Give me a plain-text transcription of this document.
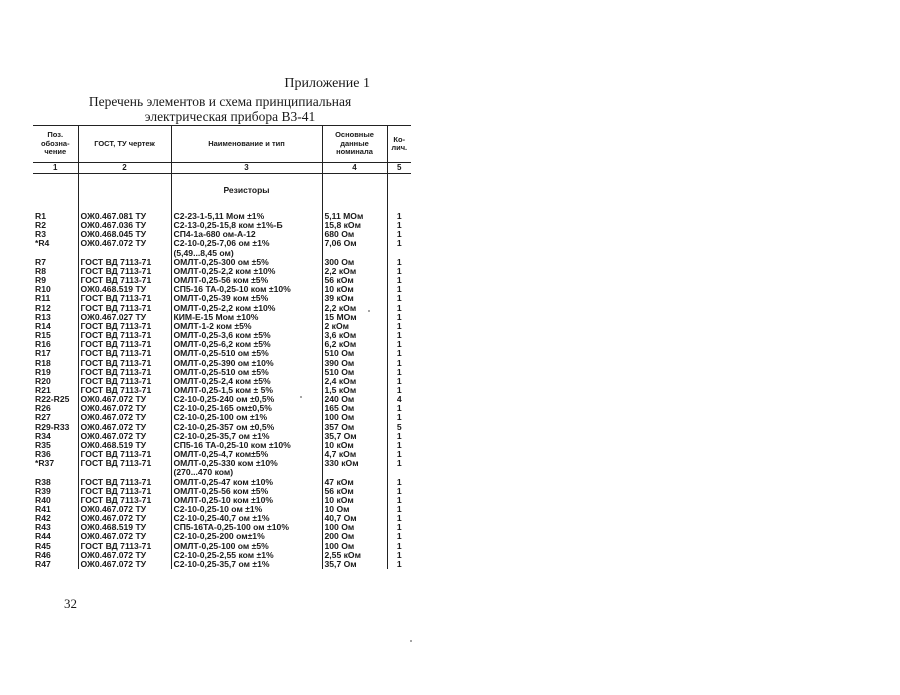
Приложение 1
Перечень элементов и схема принципиальная
электрическая прибора В3-41
Поз. обозна-чение	ГОСТ, ТУ чертеж	Наименование и тип	Основные данные номинала	Ко-лич.
1	2	3	4	5

		Резисторы		

R1	ОЖ0.467.081 ТУ	С2-23-1-5,11 Мом ±1%	5,11 МОм	1
R2	ОЖ0.467.036 ТУ	С2-13-0,25-15,8 ком ±1%-Б	15,8 кОм	1
R3	ОЖ0.468.045 ТУ	СП4-1а-680 ом-А-12	680 Ом	1
*R4	ОЖ0.467.072 ТУ	С2-10-0,25-7,06 ом ±1%	7,06 Ом	1
		(5,49...8,45 ом)		
R7	ГОСТ ВД 7113-71	ОМЛТ-0,25-300 ом ±5%	300 Ом	1
R8	ГОСТ ВД 7113-71	ОМЛТ-0,25-2,2 ком ±10%	2,2 кОм	1
R9	ГОСТ ВД 7113-71	ОМЛТ-0,25-56 ком ±5%	56 кОм	1
R10	ОЖ0.468.519 ТУ	СП5-16 ТА-0,25-10 ком ±10%	10 кОм	1
R11	ГОСТ ВД 7113-71	ОМЛТ-0,25-39 ком ±5%	39 кОм	1
R12	ГОСТ ВД 7113-71	ОМЛТ-0,25-2,2 ком ±10%	2,2 кОм	1
R13	ОЖ0.467.027 ТУ	КИМ-Е-15 Мом ±10%	15 МОм	1
R14	ГОСТ ВД 7113-71	ОМЛТ-1-2 ком ±5%	2 кОм	1
R15	ГОСТ ВД 7113-71	ОМЛТ-0,25-3,6 ком ±5%	3,6 кОм	1
R16	ГОСТ ВД 7113-71	ОМЛТ-0,25-6,2 ком ±5%	6,2 кОм	1
R17	ГОСТ ВД 7113-71	ОМЛТ-0,25-510 ом ±5%	510 Ом	1
R18	ГОСТ ВД 7113-71	ОМЛТ-0,25-390 ом ±10%	390 Ом	1
R19	ГОСТ ВД 7113-71	ОМЛТ-0,25-510 ом ±5%	510 Ом	1
R20	ГОСТ ВД 7113-71	ОМЛТ-0,25-2,4 ком ±5%	2,4 кОм	1
R21	ГОСТ ВД 7113-71	ОМЛТ-0,25-1,5 ком ± 5%	1,5 кОм	1
R22-R25	ОЖ0.467.072 ТУ	С2-10-0,25-240 ом ±0,5%	240 Ом	4
R26	ОЖ0.467.072 ТУ	С2-10-0,25-165 ом±0,5%	165 Ом	1
R27	ОЖ0.467.072 ТУ	С2-10-0,25-100 ом ±1%	100 Ом	1
R29-R33	ОЖ0.467.072 ТУ	С2-10-0,25-357 ом ±0,5%	357 Ом	5
R34	ОЖ0.467.072 ТУ	С2-10-0,25-35,7 ом ±1%	35,7 Ом	1
R35	ОЖ0.468.519 ТУ	СП5-16 ТА-0,25-10 ком ±10%	10 кОм	1
R36	ГОСТ ВД 7113-71	ОМЛТ-0,25-4,7 ком±5%	4,7 кОм	1
*R37	ГОСТ ВД 7113-71	ОМЛТ-0,25-330 ком ±10%	330 кОм	1
		(270...470 ком)		
R38	ГОСТ ВД 7113-71	ОМЛТ-0,25-47 ком ±10%	47 кОм	1
R39	ГОСТ ВД 7113-71	ОМЛТ-0,25-56 ком ±5%	56 кОм	1
R40	ГОСТ ВД 7113-71	ОМЛТ-0,25-10 ком ±10%	10 кОм	1
R41	ОЖ0.467.072 ТУ	С2-10-0,25-10 ом ±1%	10 Ом	1
R42	ОЖ0.467.072 ТУ	С2-10-0,25-40,7 ом ±1%	40,7 Ом	1
R43	ОЖ0.468.519 ТУ	СП5-16ТА-0,25-100 ом ±10%	100 Ом	1
R44	ОЖ0.467.072 ТУ	С2-10-0,25-200 ом±1%	200 Ом	1
R45	ГОСТ ВД 7113-71	ОМЛТ-0,25-100 ом ±5%	100 Ом	1
R46	ОЖ0.467.072 ТУ	С2-10-0,25-2,55 ком ±1%	2,55 кОм	1
R47	ОЖ0.467.072 ТУ	С2-10-0,25-35,7 ом ±1%	35,7 Ом	1
32
